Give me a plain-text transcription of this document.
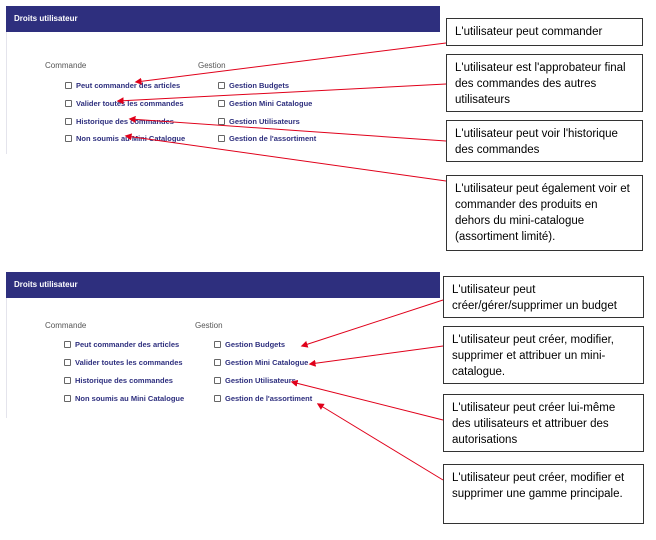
Droits utilisateur
Commande	Gestion
Peut commander des articles
Valider toutes les commandes
Historique des commandes
Non soumis au Mini Catalogue
Gestion Budgets
Gestion Mini Catalogue
Gestion Utilisateurs
Gestion de l'assortiment
Droits utilisateur
Commande	Gestion
Peut commander des articles
Valider toutes les commandes
Historique des commandes
Non soumis au Mini Catalogue
Gestion Budgets
Gestion Mini Catalogue
Gestion Utilisateurs
Gestion de l'assortiment
L'utilisateur peut commander
L'utilisateur est l'approbateur final des commandes des autres utilisateurs
L'utilisateur peut voir l'historique des commandes
L'utilisateur peut également voir et commander des produits en dehors du mini-catalogue (assortiment limité).
L'utilisateur peut créer/gérer/supprimer un budget
L'utilisateur peut créer, modifier, supprimer et attribuer un mini-catalogue.
L'utilisateur peut créer lui-même des utilisateurs et attribuer des autorisations
L'utilisateur peut créer, modifier et supprimer une gamme principale.
